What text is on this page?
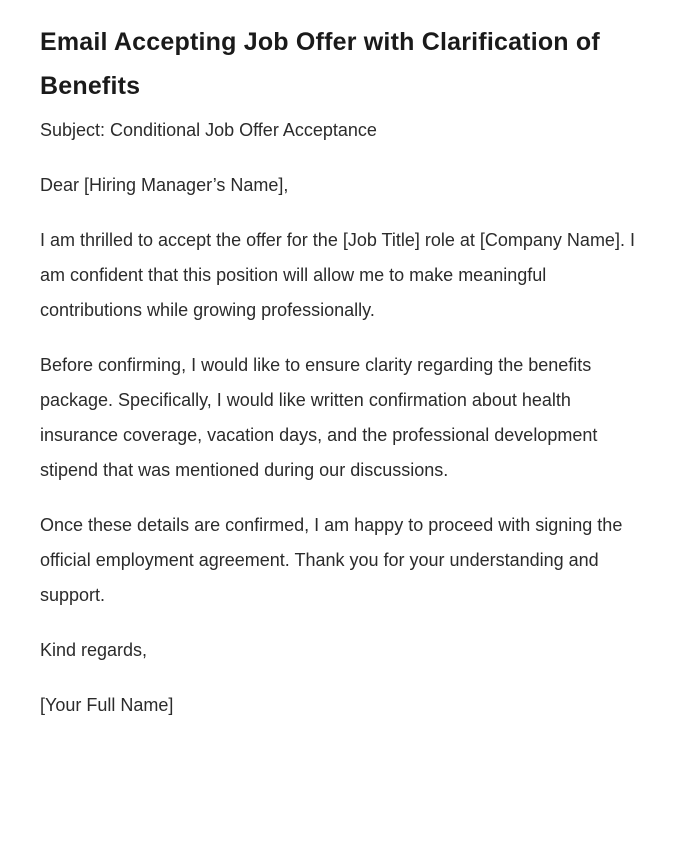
Email Accepting Job Offer with Clarification of Benefits

Subject: Conditional Job Offer Acceptance

Dear [Hiring Manager’s Name],

I am thrilled to accept the offer for the [Job Title] role at [Company Name]. I am confident that this position will allow me to make meaningful contributions while growing professionally.

Before confirming, I would like to ensure clarity regarding the benefits package. Specifically, I would like written confirmation about health insurance coverage, vacation days, and the professional development stipend that was mentioned during our discussions.

Once these details are confirmed, I am happy to proceed with signing the official employment agreement. Thank you for your understanding and support.

Kind regards,

[Your Full Name]
